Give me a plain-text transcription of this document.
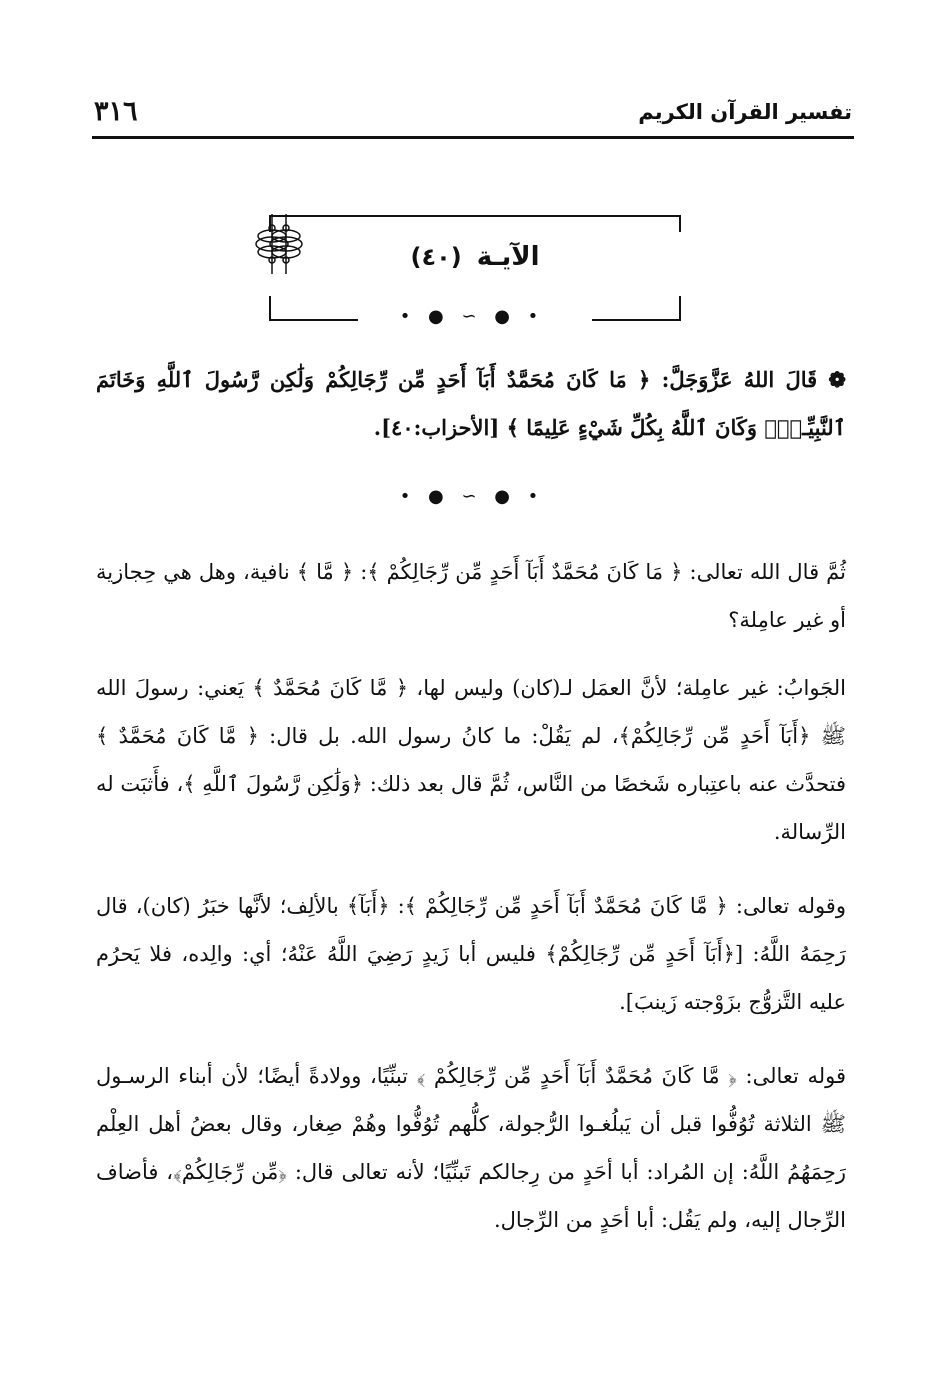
٣١٦	تفسير القرآن الكريم
الآيـة (٤٠)
• ● ∽ ● •

❁ قَالَ اللهُ عَزَّوَجَلَّ: ﴿ مَا كَانَ مُحَمَّدٌ أَبَآ أَحَدٍ مِّن رِّجَالِكُمْ وَلَٰكِن رَّسُولَ ٱللَّهِ وَخَاتَمَ ٱلنَّبِيِّـنَۗ وَكَانَ ٱللَّهُ بِكُلِّ شَيْءٍ عَلِيمًا ﴾ [الأحزاب:٤٠].

• ● ∽ ● •

ثُمَّ قال الله تعالى: ﴿ مَا كَانَ مُحَمَّدٌ أَبَآ أَحَدٍ مِّن رِّجَالِكُمْ ﴾: ﴿ مَّا ﴾ نافية، وهل هي حِجازية أو غير عامِلة؟

الجَوابُ: غير عامِلة؛ لأنَّ العمَل لـ(كان) وليس لها، ﴿ مَّا كَانَ مُحَمَّدٌ ﴾ يَعني: رسولَ الله ﷺ ﴿أَبَآ أَحَدٍ مِّن رِّجَالِكُمْ﴾، لم يَقُلْ: ما كانُ رسول الله. بل قال: ﴿ مَّا كَانَ مُحَمَّدٌ ﴾ فتحدَّث عنه باعتِباره شَخصًا من النَّاس، ثُمَّ قال بعد ذلك: ﴿وَلَٰكِن رَّسُولَ ٱللَّهِ ﴾، فأَثبَت له الرِّسالة.

وقوله تعالى: ﴿ مَّا كَانَ مُحَمَّدٌ أَبَآ أَحَدٍ مِّن رِّجَالِكُمْ ﴾: ﴿أَبَآ﴾ بالألِف؛ لأنَّها خبَرُ (كان)، قال رَحِمَهُ اللَّهُ: [﴿أَبَآ أَحَدٍ مِّن رِّجَالِكُمْ﴾ فليس أبا زَيدٍ رَضِيَ اللَّهُ عَنْهُ؛ أي: والِده، فلا يَحرُم عليه التَّزوُّج بزَوْجته زَينبَ].

قوله تعالى: ﴿ مَّا كَانَ مُحَمَّدٌ أَبَآ أَحَدٍ مِّن رِّجَالِكُمْ ﴾ تبنِّيًا، وولادةً أيضًا؛ لأن أبناء الرسـول ﷺ الثلاثة تُوُفُّوا قبل أن يَبلُغـوا الرُّجولة، كلُّهم تُوُفُّوا وهُمْ صِغار، وقال بعضُ أهل العِلْم رَحِمَهُمُ اللَّهُ: إن المُراد: أبا أحَدٍ من رِجالكم تَبنِّيًا؛ لأنه تعالى قال: ﴿مِّن رِّجَالِكُمْ﴾، فأضاف الرِّجال إليه، ولم يَقُل: أبا أحَدٍ من الرِّجال.
